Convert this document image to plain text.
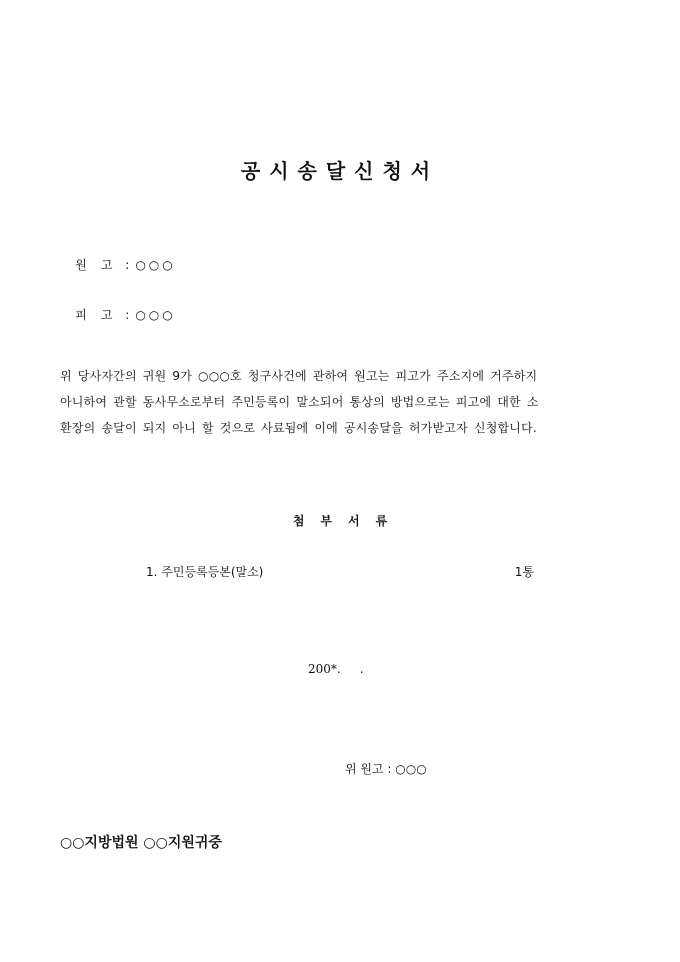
공시송달신청서

원고: ○○○

피고: ○○○

위 당사자간의 귀원 9가 ○○○호 청구사건에 관하여 원고는 피고가 주소지에 거주하지
아니하여 관할 동사무소로부터 주민등록이 말소되어 통상의 방법으로는 피고에 대한 소
환장의 송달이 되지 아니 할 것으로 사료됨에 이에 공시송달을 허가받고자 신청합니다.
첨부서류
1. 주민등록등본(말소)	1통
200*.     .
위 원고 : ○○○
○○지방법원 ○○지원귀중
